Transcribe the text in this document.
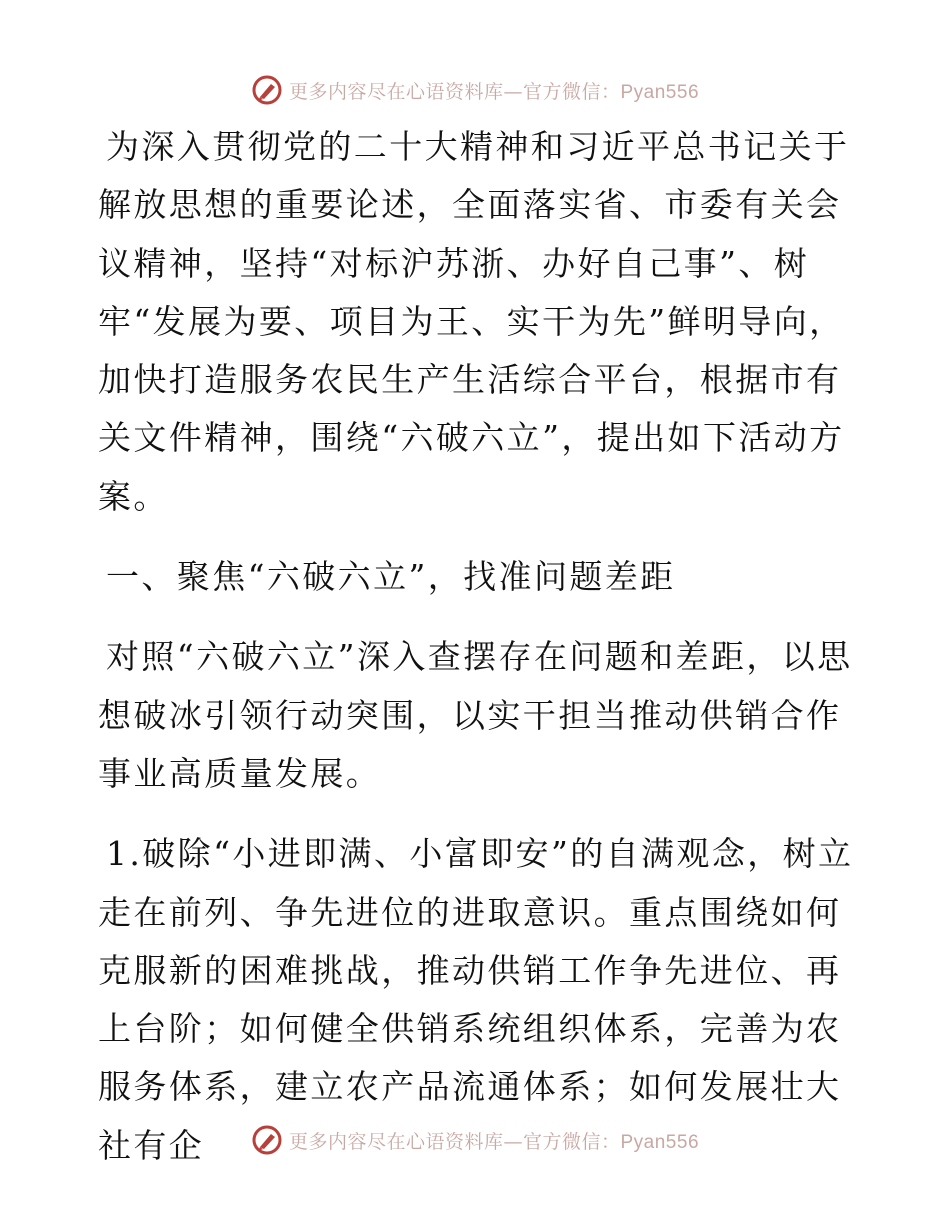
更多内容尽在心语资料库—官方微信：Pyan556

为深入贯彻党的二十大精神和习近平总书记关于解放思想的重要论述，全面落实省、市委有关会议精神，坚持“对标沪苏浙、办好自己事”、树牢“发展为要、项目为王、实干为先”鲜明导向，加快打造服务农民生产生活综合平台，根据市有关文件精神，围绕“六破六立”，提出如下活动方案。

一、聚焦“六破六立”，找准问题差距

对照“六破六立”深入查摆存在问题和差距，以思想破冰引领行动突围，以实干担当推动供销合作事业高质量发展。

1.破除“小进即满、小富即安”的自满观念，树立走在前列、争先进位的进取意识。重点围绕如何克服新的困难挑战，推动供销工作争先进位、再上台阶；如何健全供销系统组织体系，完善为农服务体系，建立农产品流通体系；如何发展壮大社有企	更多内容尽在心语资料库—官方微信：Pyan556
